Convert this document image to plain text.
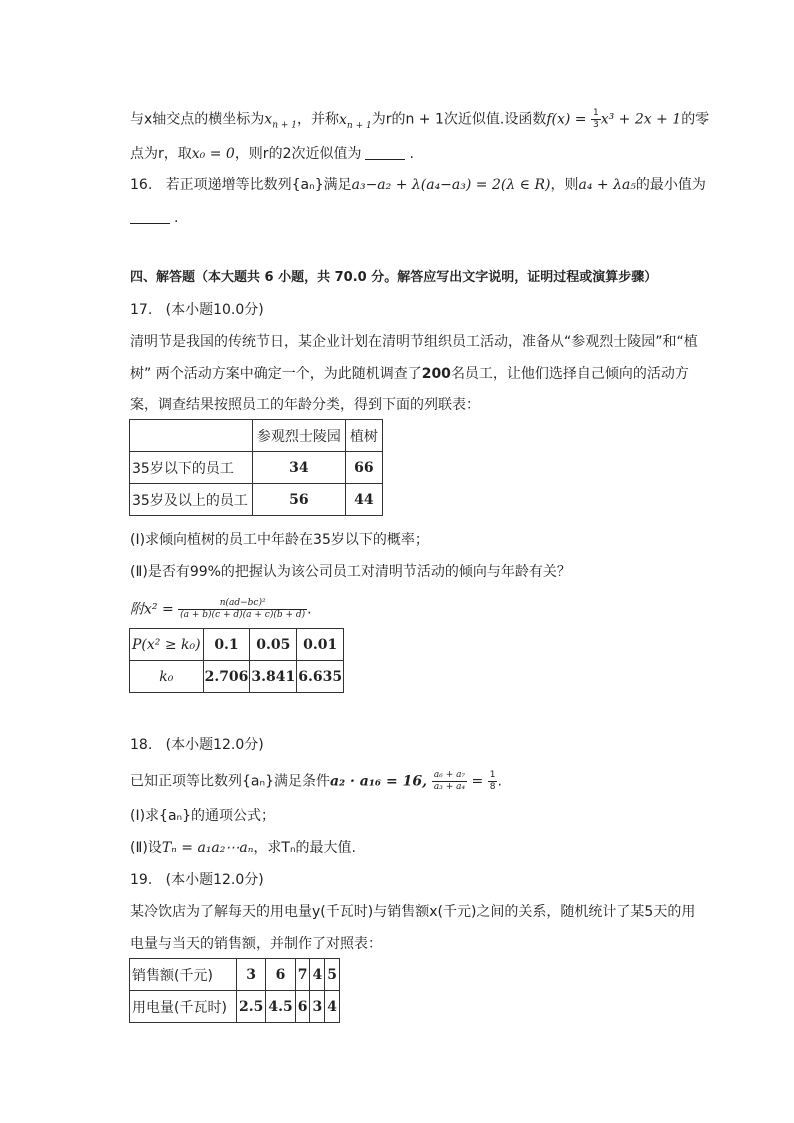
与x轴交点的横坐标为$x_{n + 1}$，并称$x_{n + 1}$为r的n + 1次近似值.设函数$f(x) = \frac{1}{3} x^3 + 2x + 1$的零
点为r，取x₀ = 0，则r的2次近似值为	.
16. 若正项递增等比数列{aₙ}满足a₃−a₂ + λ(a₄−a₃) = 2(λ ∈ R)，则a₄ + λa₅的最小值为
.
四、解答题（本大题共 6 小题，共 70.0 分。解答应写出文字说明，证明过程或演算步骤）
17. (本小题10.0分)
清明节是我国的传统节日，某企业计划在清明节组织员工活动，准备从“参观烈士陵园”和“植
树” 两个活动方案中确定一个，为此随机调查了200名员工，让他们选择自己倾向的活动方
案，调查结果按照员工的年龄分类，得到下面的列联表：
	参观烈士陵园	植树
35岁以下的员工	34	66
35岁及以上的员工	56	44
(Ⅰ)求倾向植树的员工中年龄在35岁以下的概率；
(Ⅱ)是否有99%的把握认为该公司员工对清明节活动的倾向与年龄有关？
附$x^2 = \frac{\text{n(ad−bc)²}}{(a + b)(c + d)(a + c)(b + d)}$ .
P(x² ≥ k₀)	0.1	0.05	0.01
k₀	2.706	3.841	6.635
18. (本小题12.0分)
已知正项等比数列{aₙ}满足条件a₂ · a₁₆ = 16, $\frac{\text{a₆ + a₇}}{\text{a₃ + a₄}} = \frac{1}{8}$ .
(Ⅰ)求{aₙ}的通项公式；
(Ⅱ)设Tₙ = a₁a₂⋯aₙ，求Tₙ的最大值.
19. (本小题12.0分)
某冷饮店为了解每天的用电量y(千瓦时)与销售额x(千元)之间的关系，随机统计了某5天的用
电量与当天的销售额，并制作了对照表：
销售额(千元)	3	6	7	4	5
用电量(千瓦时)	2.5	4.5	6	3	4
